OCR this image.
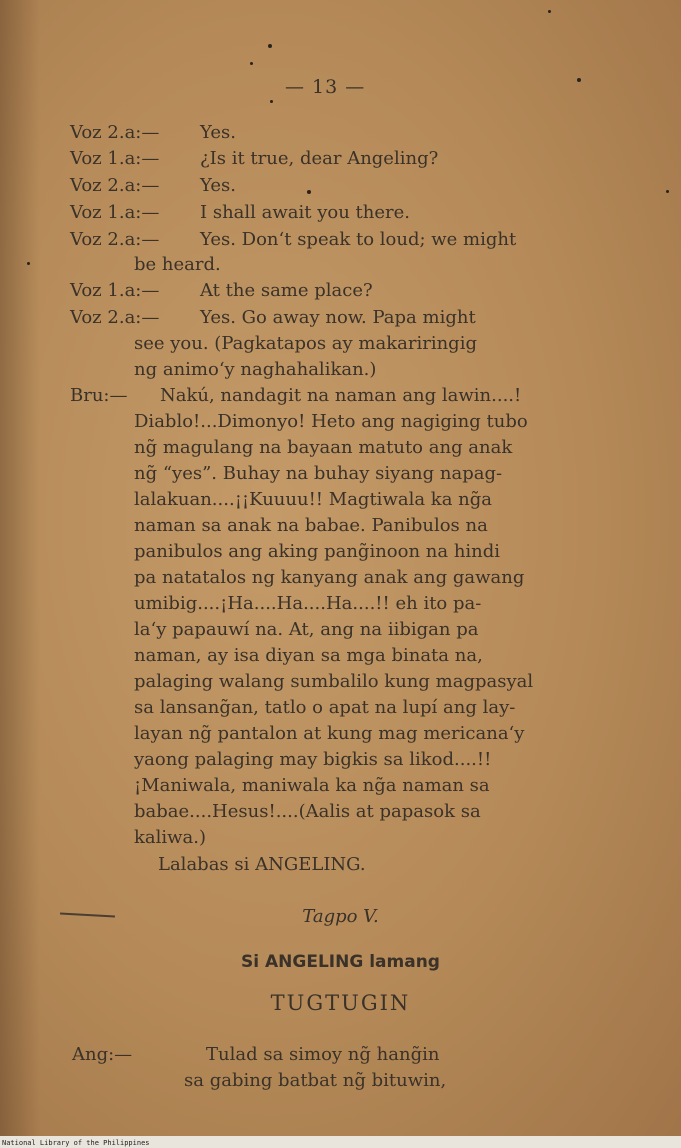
— 13 —
Voz 2.a:—	Yes.
Voz 1.a:—	¿Is it true, dear Angeling?
Voz 2.a:—	Yes.
Voz 1.a:—	I shall await you there.
Voz 2.a:—	Yes. Don‘t speak to loud; we might
be heard.
Voz 1.a:—	At the same place?
Voz 2.a:—	Yes. Go away now. Papa might
see you. (Pagkatapos ay makariringig
ng animo‘y naghahalikan.)
Bru:— Nakú, nandagit na naman ang lawin....!
Diablo!...Dimonyo! Heto ang nagiging tubo
ng̃ magulang na bayaan matuto ang anak
ng̃ “yes”. Buhay na buhay siyang napag-
lalakuan....¡¡Kuuuu!! Magtiwala ka ng̃a
naman sa anak na babae. Panibulos na
panibulos ang aking pang̃inoon na hindi
pa natatalos ng kanyang anak ang gawang
umibig....¡Ha....Ha....Ha....!! eh ito pa-
la‘y papauwí na. At, ang na iibigan pa
naman, ay isa diyan sa mga binata na,
palaging walang sumbalilo kung magpasyal
sa lansang̃an, tatlo o apat na lupí ang lay-
layan ng̃ pantalon at kung mag mericana‘y
yaong palaging may bigkis sa likod....!!
¡Maniwala, maniwala ka ng̃a naman sa
babae....Hesus!....(Aalis at papasok sa
kaliwa.)
Lalabas si ANGELING.
Tagpo V.
Si ANGELING lamang
TUGTUGIN
Ang:—	Tulad sa simoy ng̃ hang̃in
sa gabing batbat ng̃ bituwin,
National Library of the Philippines
